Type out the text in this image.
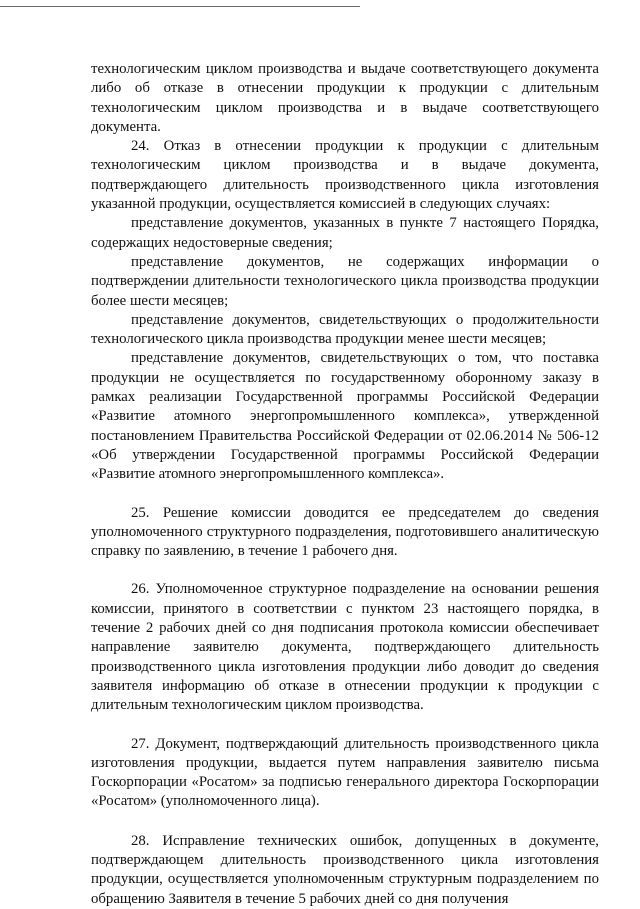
технологическим циклом производства и выдаче соответствующего документа либо об отказе в отнесении продукции к продукции с длительным технологическим циклом производства и в выдаче соответствующего документа.

24. Отказ в отнесении продукции к продукции с длительным технологическим циклом производства и в выдаче документа, подтверждающего длительность производственного цикла изготовления указанной продукции, осуществляется комиссией в следующих случаях:

представление документов, указанных в пункте 7 настоящего Порядка, содержащих недостоверные сведения;

представление документов, не содержащих информации о подтверждении длительности технологического цикла производства продукции более шести месяцев;

представление документов, свидетельствующих о продолжительности технологического цикла производства продукции менее шести месяцев;

представление документов, свидетельствующих о том, что поставка продукции не осуществляется по государственному оборонному заказу в рамках реализации Государственной программы Российской Федерации «Развитие атомного энергопромышленного комплекса», утвержденной постановлением Правительства Российской Федерации от 02.06.2014 № 506-12 «Об утверждении Государственной программы Российской Федерации «Развитие атомного энергопромышленного комплекса».

25. Решение комиссии доводится ее председателем до сведения уполномоченного структурного подразделения, подготовившего аналитическую справку по заявлению, в течение 1 рабочего дня.

26. Уполномоченное структурное подразделение на основании решения комиссии, принятого в соответствии с пунктом 23 настоящего порядка, в течение 2 рабочих дней со дня подписания протокола комиссии обеспечивает направление заявителю документа, подтверждающего длительность производственного цикла изготовления продукции либо доводит до сведения заявителя информацию об отказе в отнесении продукции к продукции с длительным технологическим циклом производства.

27. Документ, подтверждающий длительность производственного цикла изготовления продукции, выдается путем направления заявителю письма Госкорпорации «Росатом» за подписью генерального директора Госкорпорации «Росатом» (уполномоченного лица).

28. Исправление технических ошибок, допущенных в документе, подтверждающем длительность производственного цикла изготовления продукции, осуществляется уполномоченным структурным подразделением по обращению Заявителя в течение 5 рабочих дней со дня получения
